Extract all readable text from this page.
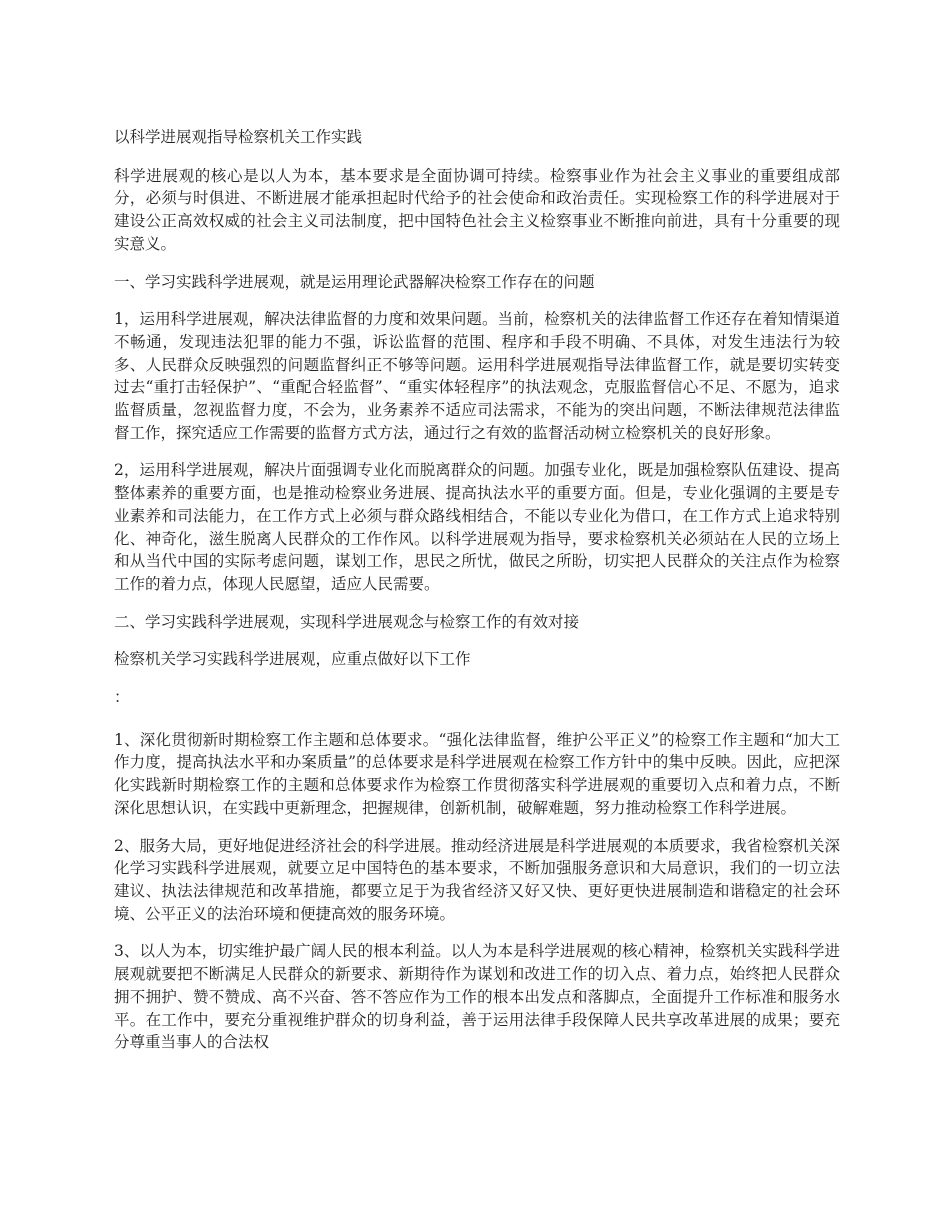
以科学进展观指导检察机关工作实践

科学进展观的核心是以人为本，基本要求是全面协调可持续。检察事业作为社会主义事业的重要组成部分，必须与时俱进、不断进展才能承担起时代给予的社会使命和政治责任。实现检察工作的科学进展对于建设公正高效权威的社会主义司法制度，把中国特色社会主义检察事业不断推向前进，具有十分重要的现实意义。

一、学习实践科学进展观，就是运用理论武器解决检察工作存在的问题

1，运用科学进展观，解决法律监督的力度和效果问题。当前，检察机关的法律监督工作还存在着知情渠道不畅通，发现违法犯罪的能力不强，诉讼监督的范围、程序和手段不明确、不具体，对发生违法行为较多、人民群众反映强烈的问题监督纠正不够等问题。运用科学进展观指导法律监督工作，就是要切实转变过去“重打击轻保护”、“重配合轻监督”、“重实体轻程序”的执法观念，克服监督信心不足、不愿为，追求监督质量，忽视监督力度，不会为，业务素养不适应司法需求，不能为的突出问题，不断法律规范法律监督工作，探究适应工作需要的监督方式方法，通过行之有效的监督活动树立检察机关的良好形象。

2，运用科学进展观，解决片面强调专业化而脱离群众的问题。加强专业化，既是加强检察队伍建设、提高整体素养的重要方面，也是推动检察业务进展、提高执法水平的重要方面。但是，专业化强调的主要是专业素养和司法能力，在工作方式上必须与群众路线相结合，不能以专业化为借口，在工作方式上追求特别化、神奇化，滋生脱离人民群众的工作作风。以科学进展观为指导，要求检察机关必须站在人民的立场上和从当代中国的实际考虑问题，谋划工作，思民之所忧，做民之所盼，切实把人民群众的关注点作为检察工作的着力点，体现人民愿望，适应人民需要。

二、学习实践科学进展观，实现科学进展观念与检察工作的有效对接

检察机关学习实践科学进展观，应重点做好以下工作

：

1、深化贯彻新时期检察工作主题和总体要求。“强化法律监督，维护公平正义”的检察工作主题和“加大工作力度，提高执法水平和办案质量”的总体要求是科学进展观在检察工作方针中的集中反映。因此，应把深化实践新时期检察工作的主题和总体要求作为检察工作贯彻落实科学进展观的重要切入点和着力点，不断深化思想认识，在实践中更新理念，把握规律，创新机制，破解难题，努力推动检察工作科学进展。

2、服务大局，更好地促进经济社会的科学进展。推动经济进展是科学进展观的本质要求，我省检察机关深化学习实践科学进展观，就要立足中国特色的基本要求，不断加强服务意识和大局意识，我们的一切立法建议、执法法律规范和改革措施，都要立足于为我省经济又好又快、更好更快进展制造和谐稳定的社会环境、公平正义的法治环境和便捷高效的服务环境。

3、以人为本，切实维护最广阔人民的根本利益。以人为本是科学进展观的核心精神，检察机关实践科学进展观就要把不断满足人民群众的新要求、新期待作为谋划和改进工作的切入点、着力点，始终把人民群众拥不拥护、赞不赞成、高不兴奋、答不答应作为工作的根本出发点和落脚点，全面提升工作标准和服务水平。在工作中，要充分重视维护群众的切身利益，善于运用法律手段保障人民共享改革进展的成果；要充分尊重当事人的合法权
